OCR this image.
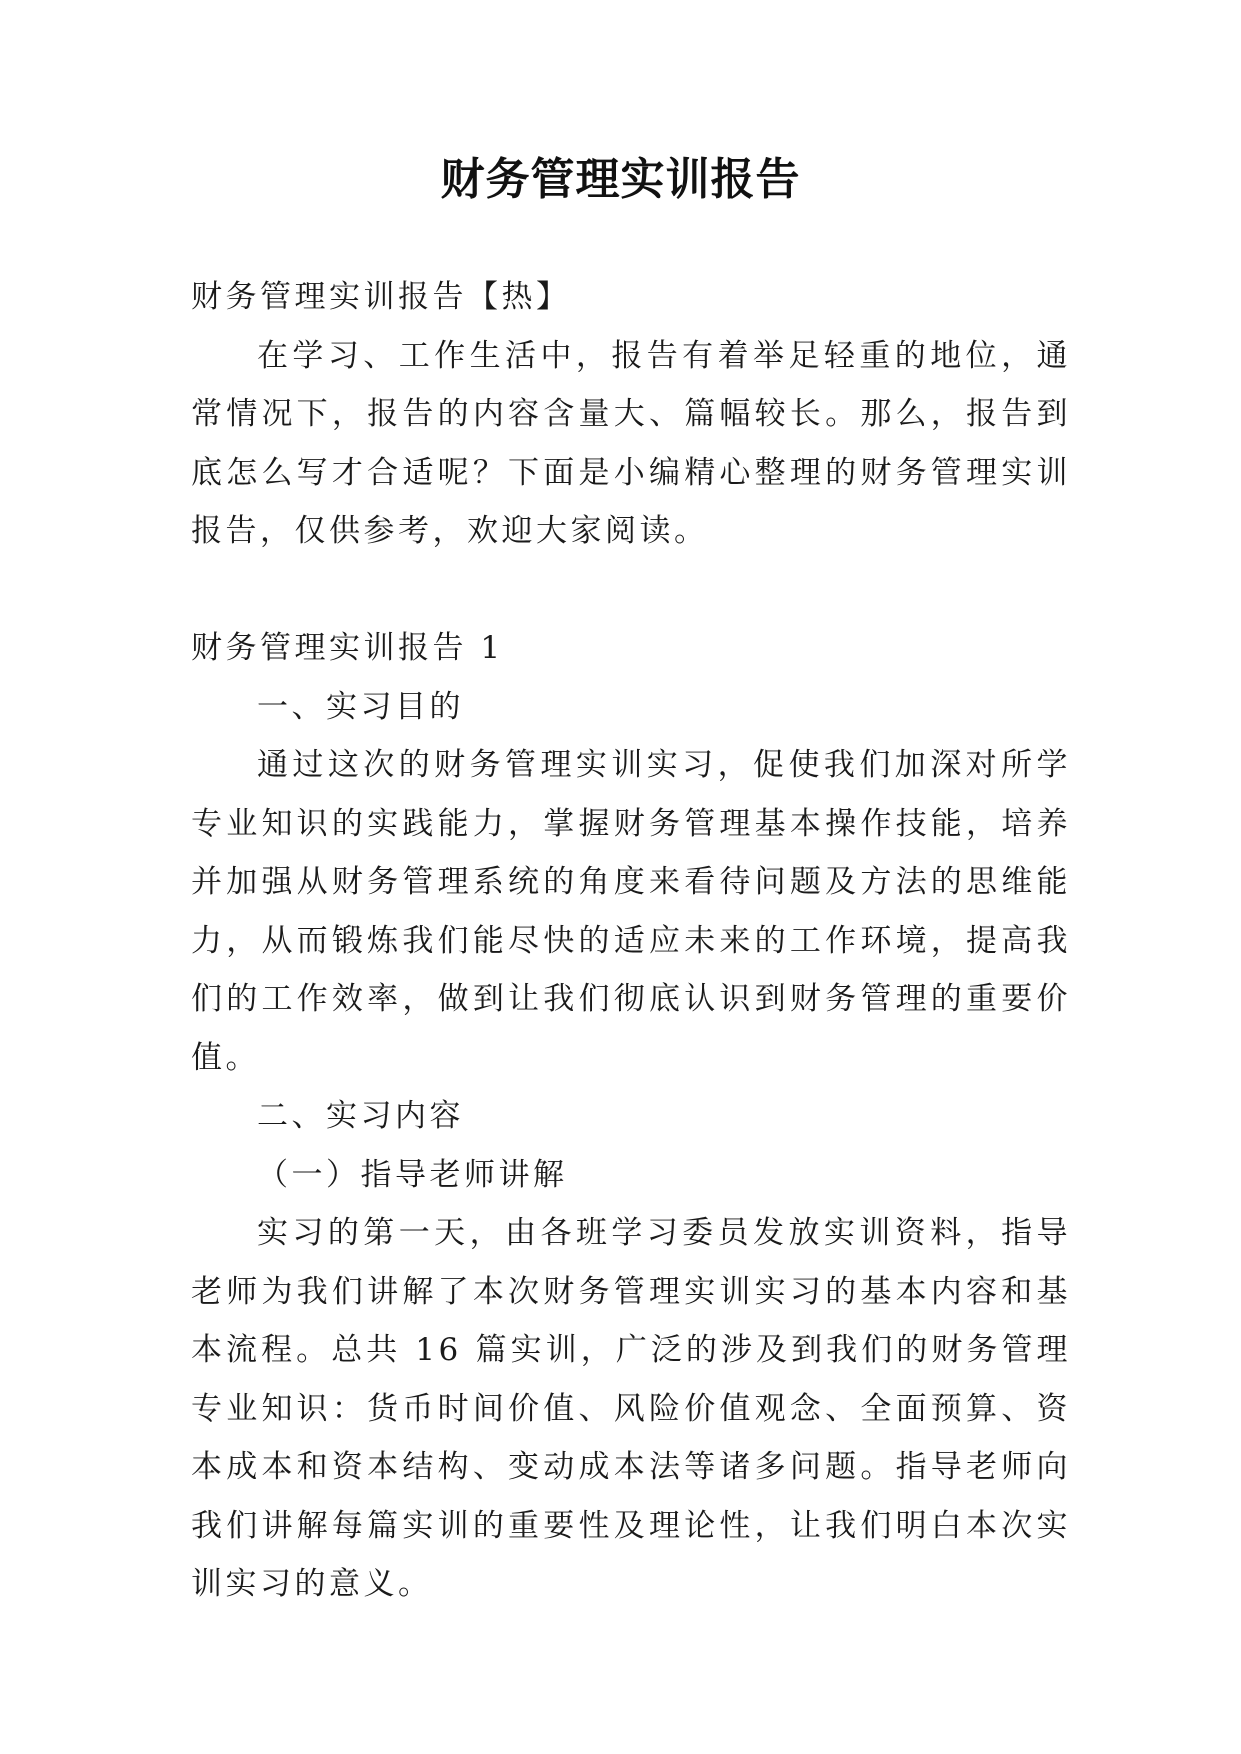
财务管理实训报告

财务管理实训报告【热】

在学习、工作生活中，报告有着举足轻重的地位，通常情况下，报告的内容含量大、篇幅较长。那么，报告到底怎么写才合适呢？下面是小编精心整理的财务管理实训报告，仅供参考，欢迎大家阅读。

财务管理实训报告 1

一、实习目的

通过这次的财务管理实训实习，促使我们加深对所学专业知识的实践能力，掌握财务管理基本操作技能，培养并加强从财务管理系统的角度来看待问题及方法的思维能力，从而锻炼我们能尽快的适应未来的工作环境，提高我们的工作效率，做到让我们彻底认识到财务管理的重要价值。

二、实习内容

（一）指导老师讲解

实习的第一天，由各班学习委员发放实训资料，指导老师为我们讲解了本次财务管理实训实习的基本内容和基本流程。总共 16 篇实训，广泛的涉及到我们的财务管理专业知识：货币时间价值、风险价值观念、全面预算、资本成本和资本结构、变动成本法等诸多问题。指导老师向我们讲解每篇实训的重要性及理论性，让我们明白本次实训实习的意义。
